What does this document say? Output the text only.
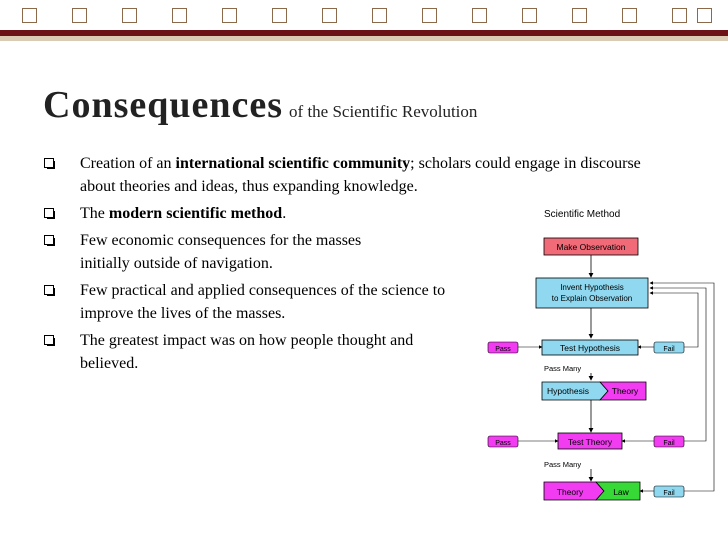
Consequences of the Scientific Revolution
Creation of an international scientific community; scholars could engage in discourse about theories and ideas, thus expanding knowledge.
The modern scientific method.
Few economic consequences for the masses initially outside of navigation.
Few practical and applied consequences of the science to improve the lives of the masses.
The greatest impact was on how people thought and believed.
Scientific Method
Make Observation
Invent Hypothesis
to Explain Observation
Test Hypothesis
Pass	Fail
Pass Many
Hypothesis	Theory
Test Theory
Pass	Fail
Pass Many
Theory	Law	Fail
